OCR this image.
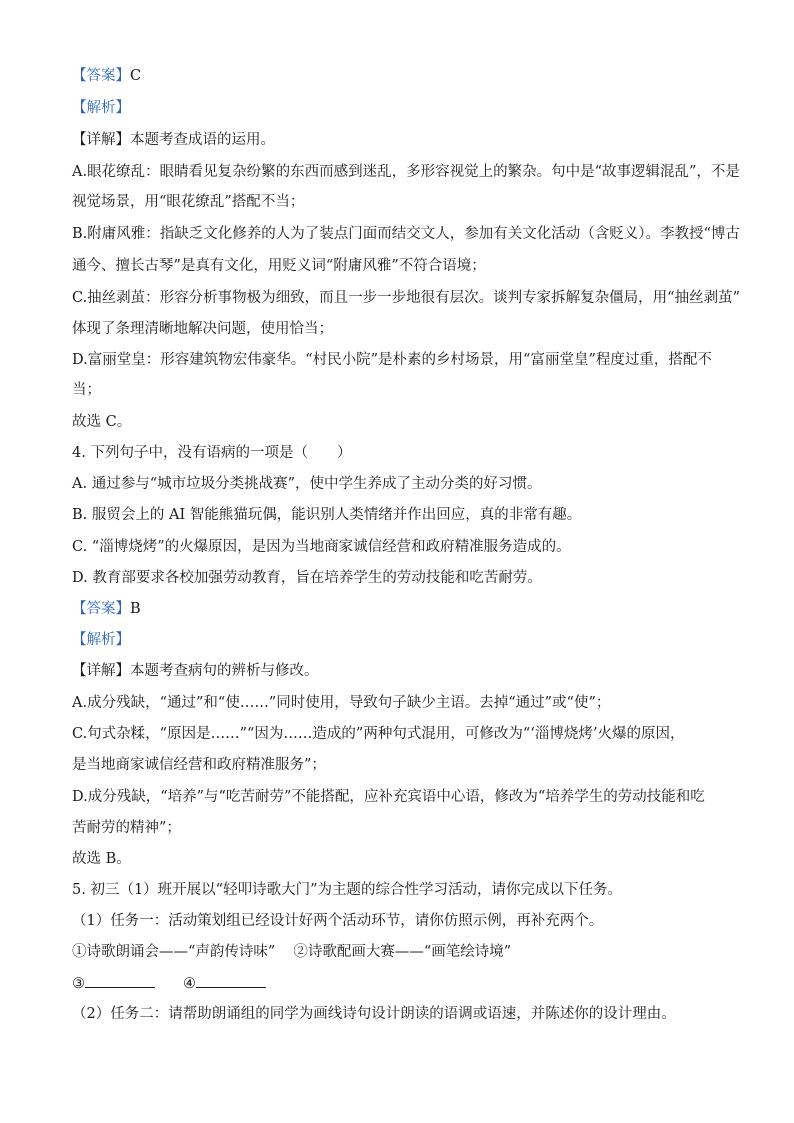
【答案】C
【解析】
【详解】本题考查成语的运用。
A.眼花缭乱：眼睛看见复杂纷繁的东西而感到迷乱，多形容视觉上的繁杂。句中是“故事逻辑混乱”，不是
视觉场景，用“眼花缭乱”搭配不当；
B.附庸风雅：指缺乏文化修养的人为了装点门面而结交文人，参加有关文化活动（含贬义）。李教授“博古
通今、擅长古琴”是真有文化，用贬义词“附庸风雅”不符合语境；
C.抽丝剥茧：形容分析事物极为细致，而且一步一步地很有层次。谈判专家拆解复杂僵局，用“抽丝剥茧”
体现了条理清晰地解决问题，使用恰当；
D.富丽堂皇：形容建筑物宏伟豪华。“村民小院”是朴素的乡村场景，用“富丽堂皇”程度过重，搭配不
当；
故选 C。
4. 下列句子中，没有语病的一项是（　　）
A. 通过参与“城市垃圾分类挑战赛”，使中学生养成了主动分类的好习惯。
B. 服贸会上的 AI 智能熊猫玩偶，能识别人类情绪并作出回应，真的非常有趣。
C. “淄博烧烤”的火爆原因，是因为当地商家诚信经营和政府精准服务造成的。
D. 教育部要求各校加强劳动教育，旨在培养学生的劳动技能和吃苦耐劳。
【答案】B
【解析】
【详解】本题考查病句的辨析与修改。
A.成分残缺，“通过”和“使……”同时使用，导致句子缺少主语。去掉“通过”或“使”；
C.句式杂糅，“原因是……”“因为……造成的”两种句式混用，可修改为“‘淄博烧烤’火爆的原因，
是当地商家诚信经营和政府精准服务”；
D.成分残缺，“培养”与“吃苦耐劳”不能搭配，应补充宾语中心语，修改为“培养学生的劳动技能和吃
苦耐劳的精神”；
故选 B。
5. 初三（1）班开展以“轻叩诗歌大门”为主题的综合性学习活动，请你完成以下任务。
（1）任务一：活动策划组已经设计好两个活动环节，请你仿照示例，再补充两个。
①诗歌朗诵会——“声韵传诗味” ②诗歌配画大赛——“画笔绘诗境”
③	④
（2）任务二：请帮助朗诵组的同学为画线诗句设计朗读的语调或语速，并陈述你的设计理由。
